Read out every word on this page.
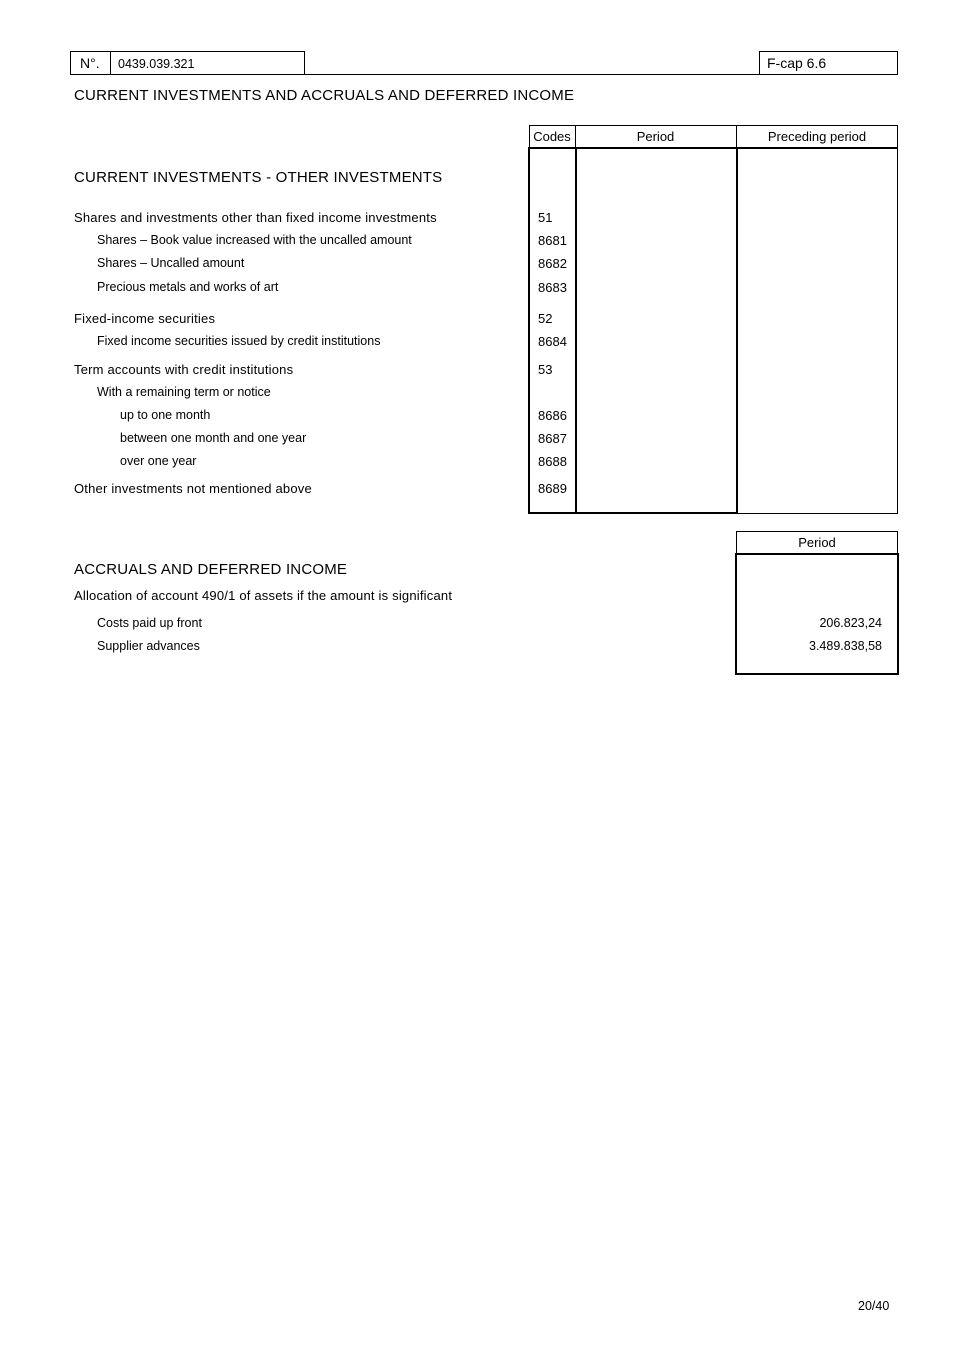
N°. 0439.039.321	F-cap 6.6
CURRENT INVESTMENTS AND ACCRUALS AND DEFERRED INCOME
Codes	Period	Preceding period
CURRENT INVESTMENTS - OTHER INVESTMENTS
Shares and investments other than fixed income investments	51
Shares – Book value increased with the uncalled amount	8681
Shares – Uncalled amount	8682
Precious metals and works of art	8683
Fixed-income securities	52
Fixed income securities issued by credit institutions	8684
Term accounts with credit institutions	53
With a remaining term or notice
up to one month	8686
between one month and one year	8687
over one year	8688
Other investments not mentioned above	8689
Period
ACCRUALS AND DEFERRED INCOME
Allocation of account 490/1 of assets if the amount is significant
Costs paid up front	206.823,24
Supplier advances	3.489.838,58
20/40
